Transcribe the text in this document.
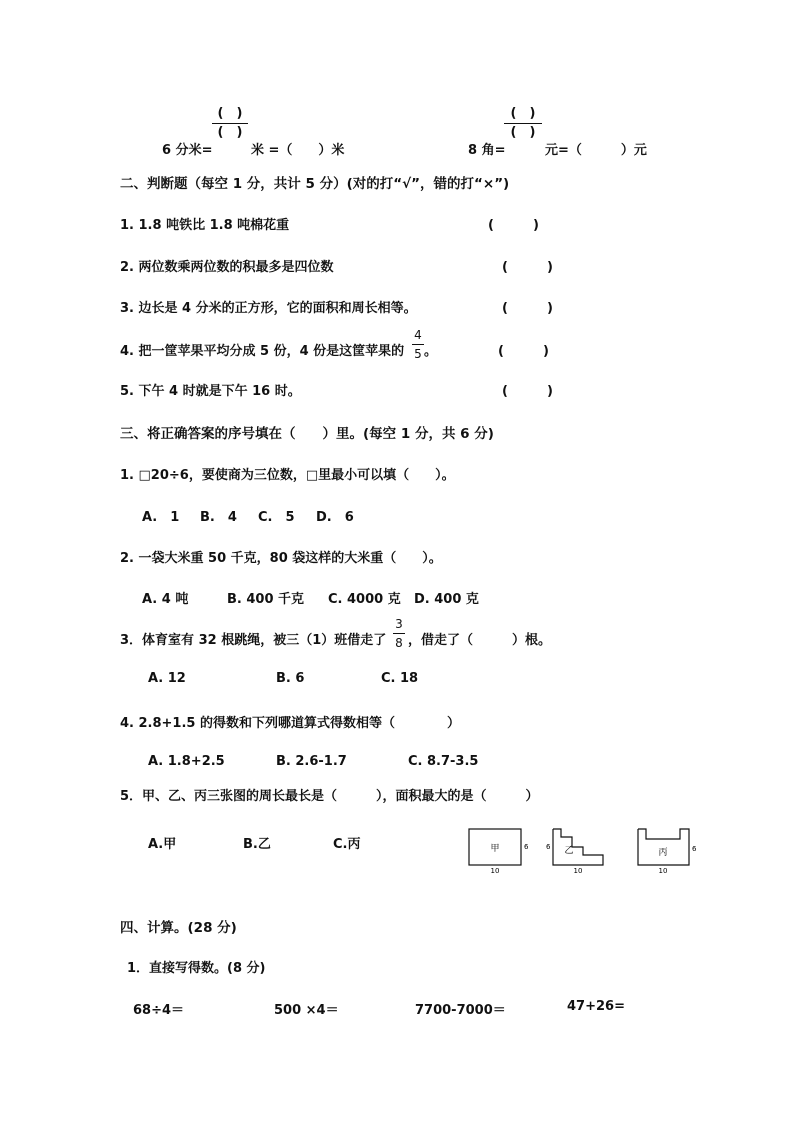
6 分米=
(　)
(　)
米 =（　　）米	8 角=
(　)
(　)
元=（　　　）元
二、判断题（每空 1 分，共计 5 分）(对的打“√”，错的打“×”)
1. 1.8 吨铁比 1.8 吨棉花重	(　　　)
2. 两位数乘两位数的积最多是四位数	(　　　)
3. 边长是 4 分米的正方形，它的面积和周长相等。	(　　　)
4. 把一筐苹果平均分成 5 份，4 份是这筐苹果的
4
5 。	(　　　)
5. 下午 4 时就是下午 16 时。	(　　　)
三、将正确答案的序号填在（　　）里。(每空 1 分，共 6 分)
1. □20÷6，要使商为三位数，□里最小可以填（　　）。
A.　1 B.　4 C.　5 D.　6
2. 一袋大米重 50 千克，80 袋这样的大米重（　　）。
A. 4 吨	B. 400 千克 C. 4000 克 D. 400 克
3．体育室有 32 根跳绳，被三（1）班借走了
3
8 ，借走了（　　　）根。
A. 12	B. 6	C. 18
4. 2.8+1.5 的得数和下列哪道算式得数相等（　　　　）
A. 1.8+2.5	B. 2.6-1.7	C. 8.7-3.5
5．甲、乙、丙三张图的周长最长是（　　　），面积最大的是（　　　）
A.甲	B.乙	C.丙	甲	6
10
乙
6
10
丙	6
10
四、计算。(28 分)
1．直接写得数。(8 分)
68÷4＝	500 ×4＝	7700-7000＝	47+26=
